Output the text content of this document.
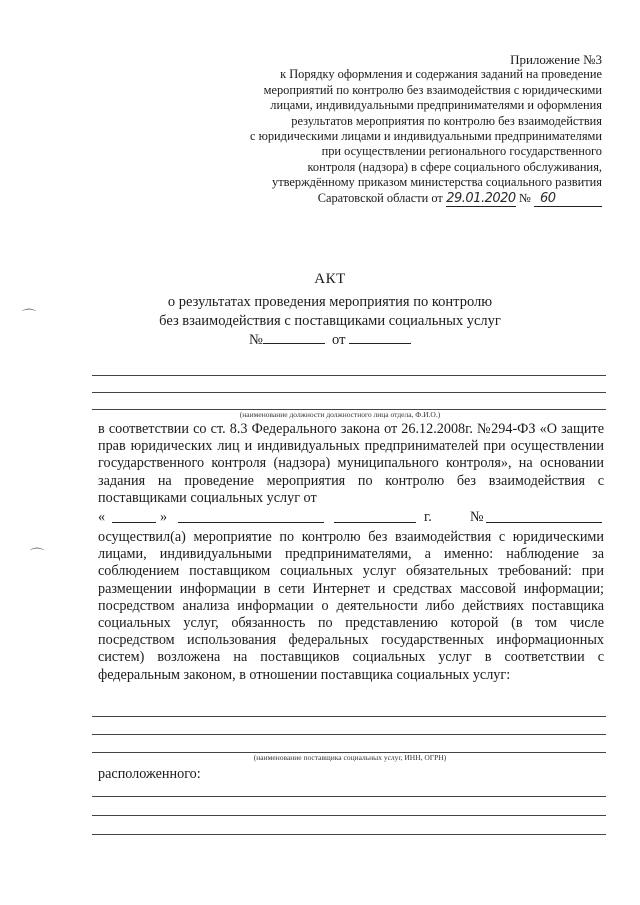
Приложение №3
к Порядку оформления и содержания заданий на проведение
мероприятий по контролю без взаимодействия с юридическими
лицами, индивидуальными предпринимателями и оформления
результатов мероприятия по контролю без взаимодействия
с юридическими лицами и индивидуальными предпринимателями
при осуществлении регионального государственного
контроля (надзора) в сфере социального обслуживания,
утверждённому приказом министерства социального развития
Саратовской области от 29.01.2020 № 60
АКТ
о результатах проведения мероприятия по контролю
без взаимодействия с поставщиками социальных услуг
№	от
(наименование должности должностного лица отдела, Ф.И.О.)
в соответствии со ст. 8.3 Федерального закона от 26.12.2008г. №294-ФЗ «О защите прав юридических лиц и индивидуальных предпринимателей при осуществлении государственного контроля (надзора) муниципального контроля», на основании задания на проведение мероприятия по контролю без взаимодействия с поставщиками социальных услуг от
«	»	г.	№
осуществил(а) мероприятие по контролю без взаимодействия с юридическими лицами, индивидуальными предпринимателями, а именно: наблюдение за соблюдением поставщиком социальных услуг обязательных требований: при размещении информации в сети Интернет и средствах массовой информации; посредством анализа информации о деятельности либо действиях поставщика социальных услуг, обязанность по представлению которой (в том числе посредством использования федеральных государственных информационных систем) возложена на поставщиков социальных услуг в соответствии с федеральным законом, в отношении поставщика социальных услуг:
(наименование поставщика социальных услуг, ИНН, ОГРН)
расположенного:
⌒
⌒
